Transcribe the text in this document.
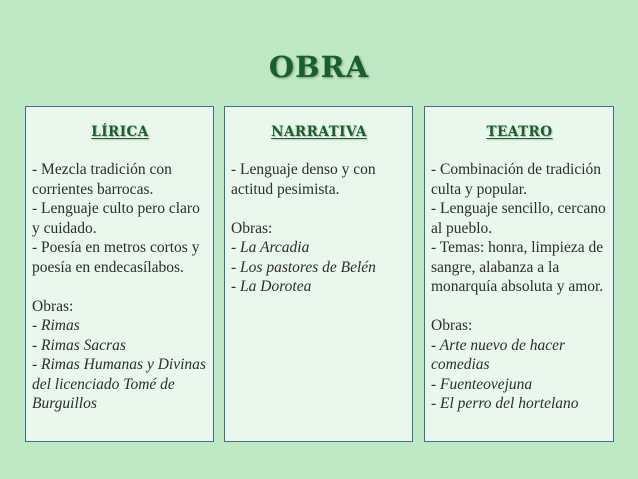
OBRA
LÍRICA
- Mezcla tradición con corrientes barrocas.
- Lenguaje culto pero claro y cuidado.
- Poesía en metros cortos y poesía en endecasílabos.
Obras:
- Rimas
- Rimas Sacras
- Rimas Humanas y Divinas del licenciado Tomé de Burguillos
NARRATIVA
- Lenguaje denso y con actitud pesimista.
Obras:
- La Arcadia
- Los pastores de Belén
- La Dorotea
TEATRO
- Combinación de tradición culta y popular.
- Lenguaje sencillo, cercano al pueblo.
- Temas: honra, limpieza de sangre, alabanza a la monarquía absoluta y amor.
Obras:
- Arte nuevo de hacer comedias
- Fuenteovejuna
- El perro del hortelano
